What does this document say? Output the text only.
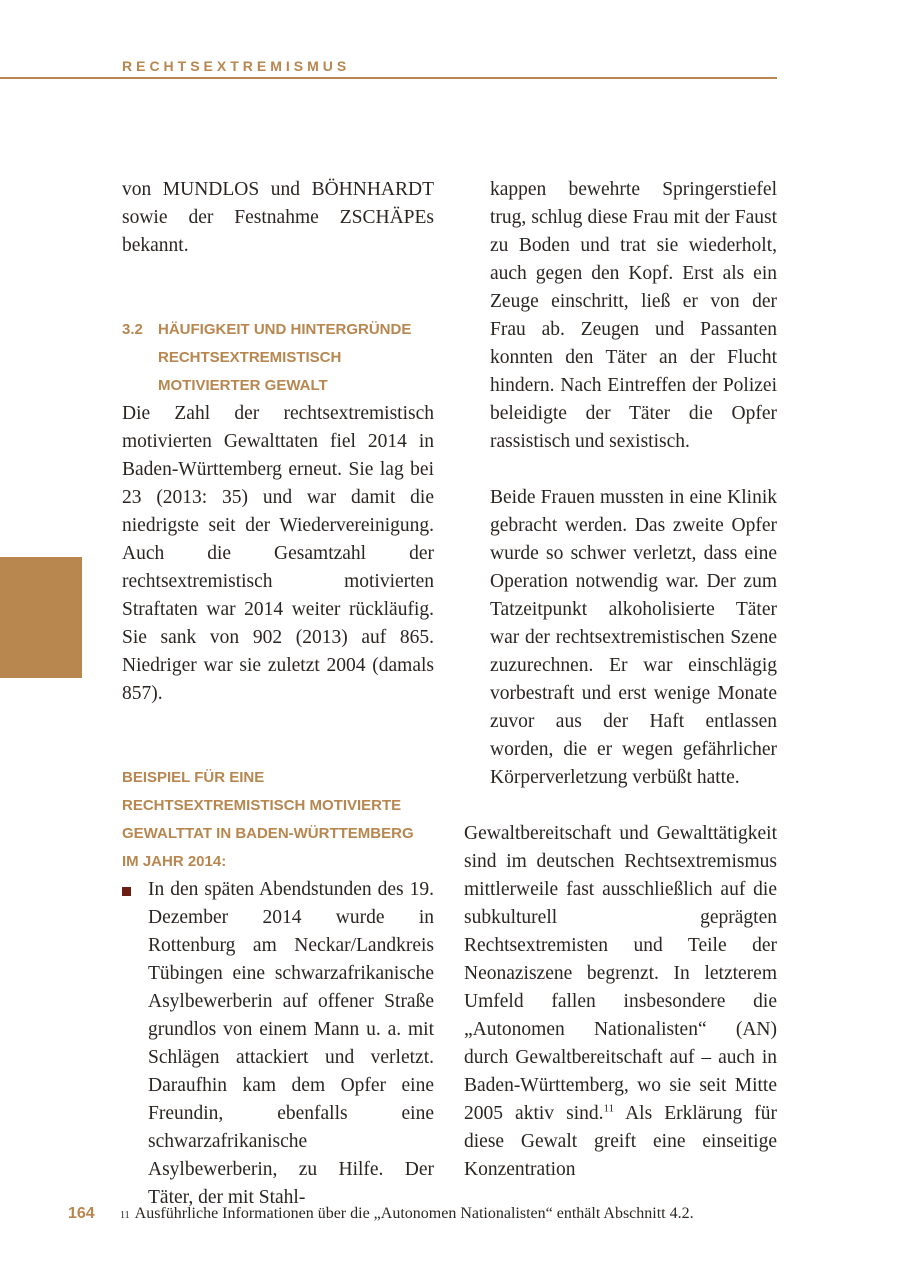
RECHTSEXTREMISMUS

von MUNDLOS und BÖHNHARDT sowie der Festnahme ZSCHÄPEs bekannt.

3.2	HÄUFIGKEIT UND HINTERGRÜNDE RECHTSEXTREMISTISCH MOTIVIERTER GEWALT

Die Zahl der rechtsextremistisch motivierten Gewalttaten fiel 2014 in Baden-Württemberg erneut. Sie lag bei 23 (2013: 35) und war damit die niedrigste seit der Wiedervereinigung. Auch die Gesamtzahl der rechtsextremistisch motivierten Straftaten war 2014 weiter rückläufig. Sie sank von 902 (2013) auf 865. Niedriger war sie zuletzt 2004 (damals 857).

BEISPIEL FÜR EINE RECHTSEXTREMISTISCH MOTIVIERTE GEWALTTAT IN BADEN-WÜRTTEMBERG IM JAHR 2014:
In den späten Abendstunden des 19. Dezember 2014 wurde in Rottenburg am Neckar/Landkreis Tübingen eine schwarzafrikanische Asylbewerberin auf offener Straße grundlos von einem Mann u. a. mit Schlägen attackiert und verletzt. Daraufhin kam dem Opfer eine Freundin, ebenfalls eine schwarzafrikanische Asylbewerberin, zu Hilfe. Der Täter, der mit Stahl-

kappen bewehrte Springerstiefel trug, schlug diese Frau mit der Faust zu Boden und trat sie wiederholt, auch gegen den Kopf. Erst als ein Zeuge einschritt, ließ er von der Frau ab. Zeugen und Passanten konnten den Täter an der Flucht hindern. Nach Eintreffen der Polizei beleidigte der Täter die Opfer rassistisch und sexistisch.

Beide Frauen mussten in eine Klinik gebracht werden. Das zweite Opfer wurde so schwer verletzt, dass eine Operation notwendig war. Der zum Tatzeitpunkt alkoholisierte Täter war der rechtsextremistischen Szene zuzurechnen. Er war einschlägig vorbestraft und erst wenige Monate zuvor aus der Haft entlassen worden, die er wegen gefährlicher Körperverletzung verbüßt hatte.

Gewaltbereitschaft und Gewalttätigkeit sind im deutschen Rechtsextremismus mittlerweile fast ausschließlich auf die subkulturell geprägten Rechtsextremisten und Teile der Neonaziszene begrenzt. In letzterem Umfeld fallen insbesondere die „Autonomen Nationalisten“ (AN) durch Gewaltbereitschaft auf – auch in Baden-Württemberg, wo sie seit Mitte 2005 aktiv sind.$^{11}$ Als Erklärung für diese Gewalt greift eine einseitige Konzentration

164	11 Ausführliche Informationen über die „Autonomen Nationalisten“ enthält Abschnitt 4.2.
